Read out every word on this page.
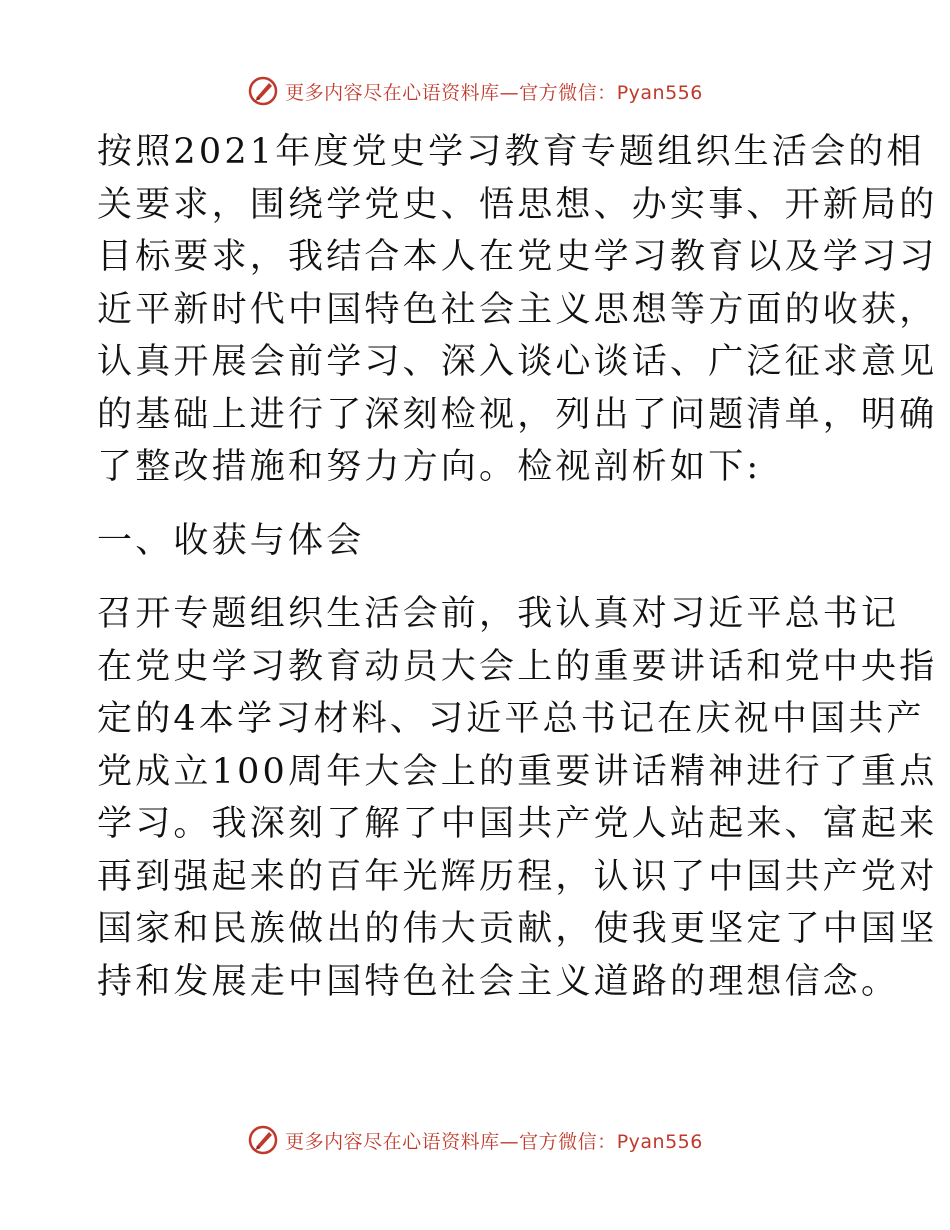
更多内容尽在心语资料库—官方微信：Pyan556
按照2021年度党史学习教育专题组织生活会的相
关要求，围绕学党史、悟思想、办实事、开新局的
目标要求，我结合本人在党史学习教育以及学习习
近平新时代中国特色社会主义思想等方面的收获，
认真开展会前学习、深入谈心谈话、广泛征求意见
的基础上进行了深刻检视，列出了问题清单，明确
了整改措施和努力方向。检视剖析如下:
一、收获与体会
召开专题组织生活会前，我认真对习近平总书记
在党史学习教育动员大会上的重要讲话和党中央指
定的4本学习材料、习近平总书记在庆祝中国共产
党成立100周年大会上的重要讲话精神进行了重点
学习。我深刻了解了中国共产党人站起来、富起来
再到强起来的百年光辉历程，认识了中国共产党对
国家和民族做出的伟大贡献，使我更坚定了中国坚
持和发展走中国特色社会主义道路的理想信念。
更多内容尽在心语资料库—官方微信：Pyan556
